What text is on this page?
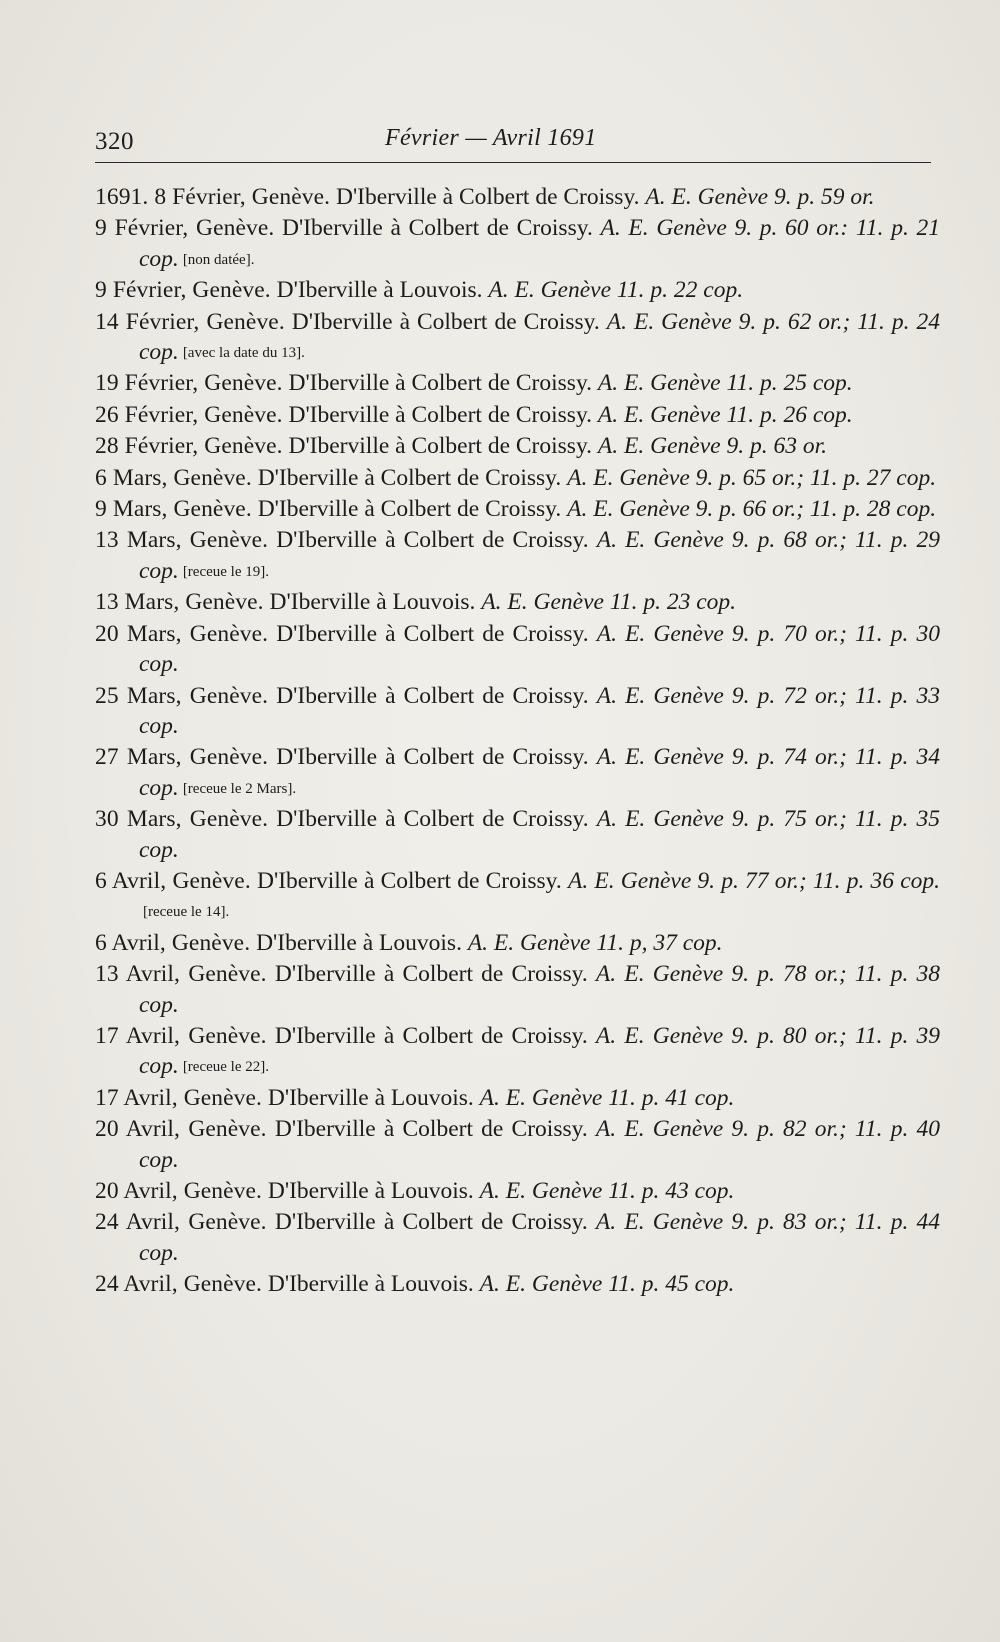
320	Février — Avril 1691
1691. 8 Février, Genève. D'Iberville à Colbert de Croissy. A. E. Genève 9. p. 59 or.
9 Février, Genève. D'Iberville à Colbert de Croissy. A. E. Genève 9. p. 60 or.: 11. p. 21 cop. [non datée].
9 Février, Genève. D'Iberville à Louvois. A. E. Genève 11. p. 22 cop.
14 Février, Genève. D'Iberville à Colbert de Croissy. A. E. Genève 9. p. 62 or.; 11. p. 24 cop. [avec la date du 13].
19 Février, Genève. D'Iberville à Colbert de Croissy. A. E. Genève 11. p. 25 cop.
26 Février, Genève. D'Iberville à Colbert de Croissy. A. E. Genève 11. p. 26 cop.
28 Février, Genève. D'Iberville à Colbert de Croissy. A. E. Genève 9. p. 63 or.
6 Mars, Genève. D'Iberville à Colbert de Croissy. A. E. Genève 9. p. 65 or.; 11. p. 27 cop.
9 Mars, Genève. D'Iberville à Colbert de Croissy. A. E. Genève 9. p. 66 or.; 11. p. 28 cop.
13 Mars, Genève. D'Iberville à Colbert de Croissy. A. E. Genève 9. p. 68 or.; 11. p. 29 cop. [receue le 19].
13 Mars, Genève. D'Iberville à Louvois. A. E. Genève 11. p. 23 cop.
20 Mars, Genève. D'Iberville à Colbert de Croissy. A. E. Genève 9. p. 70 or.; 11. p. 30 cop.
25 Mars, Genève. D'Iberville à Colbert de Croissy. A. E. Genève 9. p. 72 or.; 11. p. 33 cop.
27 Mars, Genève. D'Iberville à Colbert de Croissy. A. E. Genève 9. p. 74 or.; 11. p. 34 cop. [receue le 2 Mars].
30 Mars, Genève. D'Iberville à Colbert de Croissy. A. E. Genève 9. p. 75 or.; 11. p. 35 cop.
6 Avril, Genève. D'Iberville à Colbert de Croissy. A. E. Genève 9. p. 77 or.; 11. p. 36 cop.[receue le 14].
6 Avril, Genève. D'Iberville à Louvois. A. E. Genève 11. p, 37 cop.
13 Avril, Genève. D'Iberville à Colbert de Croissy. A. E. Genève 9. p. 78 or.; 11. p. 38 cop.
17 Avril, Genève. D'Iberville à Colbert de Croissy. A. E. Genève 9. p. 80 or.; 11. p. 39 cop. [receue le 22].
17 Avril, Genève. D'Iberville à Louvois. A. E. Genève 11. p. 41 cop.
20 Avril, Genève. D'Iberville à Colbert de Croissy. A. E. Genève 9. p. 82 or.; 11. p. 40 cop.
20 Avril, Genève. D'Iberville à Louvois. A. E. Genève 11. p. 43 cop.
24 Avril, Genève. D'Iberville à Colbert de Croissy. A. E. Genève 9. p. 83 or.; 11. p. 44 cop.
24 Avril, Genève. D'Iberville à Louvois. A. E. Genève 11. p. 45 cop.
